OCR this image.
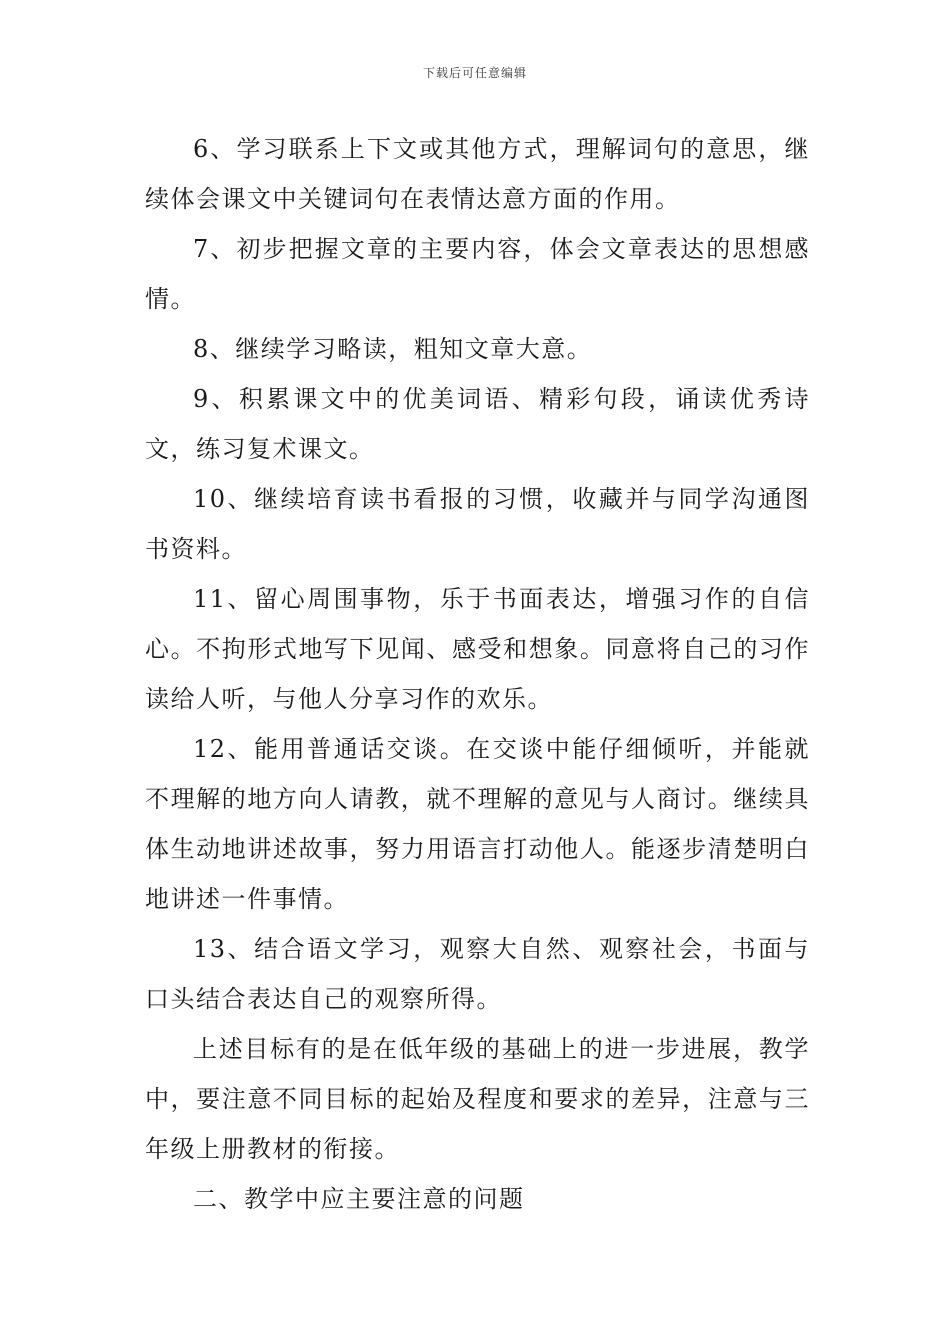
下载后可任意编辑

6、学习联系上下文或其他方式，理解词句的意思，继续体会课文中关键词句在表情达意方面的作用。

7、初步把握文章的主要内容，体会文章表达的思想感情。

8、继续学习略读，粗知文章大意。

9、积累课文中的优美词语、精彩句段，诵读优秀诗文，练习复术课文。

10、继续培育读书看报的习惯，收藏并与同学沟通图书资料。

11、留心周围事物，乐于书面表达，增强习作的自信心。不拘形式地写下见闻、感受和想象。同意将自己的习作读给人听，与他人分享习作的欢乐。

12、能用普通话交谈。在交谈中能仔细倾听，并能就不理解的地方向人请教，就不理解的意见与人商讨。继续具体生动地讲述故事，努力用语言打动他人。能逐步清楚明白地讲述一件事情。

13、结合语文学习，观察大自然、观察社会，书面与口头结合表达自己的观察所得。

上述目标有的是在低年级的基础上的进一步进展，教学中，要注意不同目标的起始及程度和要求的差异，注意与三年级上册教材的衔接。

二、教学中应主要注意的问题
